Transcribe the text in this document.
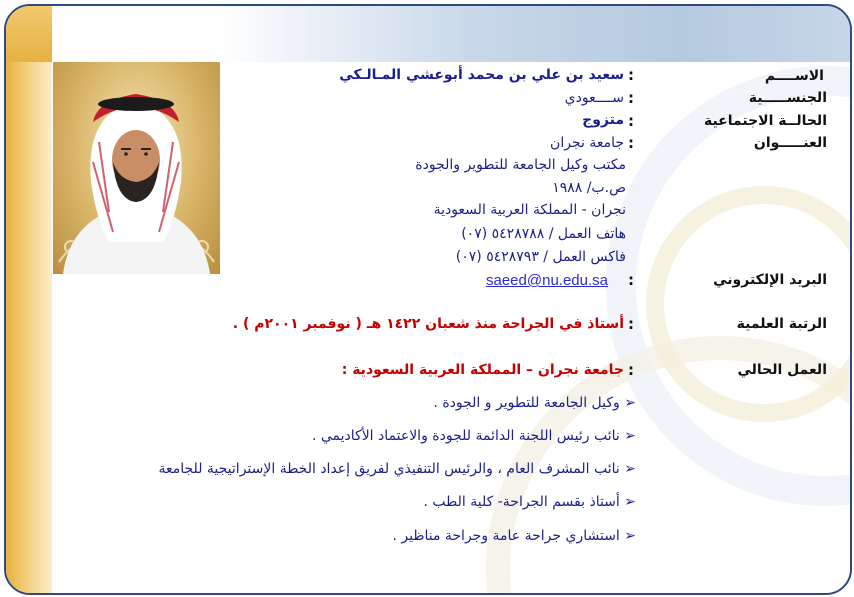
الاســــم
الجنســـــية
الحالــة الاجتماعية
العنـــــوان
البريد الإلكتروني
الرتبة العلمية
العمل الحالي
:
:
:
:
:
:
:
سعيد بن علي بن محمد أبوعشي المـالـكي
ســــعودي
متزوج
جامعة نجران
مكتب وكيل الجامعة للتطوير والجودة
ص.ب/ ١٩٨٨
نجران - المملكة العربية السعودية
هاتف العمل / ٥٤٢٨٧٨٨ (٠٧)
فاكس العمل / ٥٤٢٨٧٩٣ (٠٧)
saeed@nu.edu.sa
أستاذ في الجراحة منذ شعبان ١٤٢٢ هـ ( نوفمبر ٢٠٠١م ) .
جامعة نجران – المملكة العربية السعودية :
➢ وكيل الجامعة للتطوير و الجودة .
➢ نائب رئيس اللجنة الدائمة للجودة والاعتماد الأكاديمي .
➢ نائب المشرف العام ، والرئيس التنفيذي لفريق إعداد الخطة الإستراتيجية للجامعة
➢ أستاذ بقسم الجراحة- كلية الطب .
➢ استشاري جراحة عامة وجراحة مناظير .
